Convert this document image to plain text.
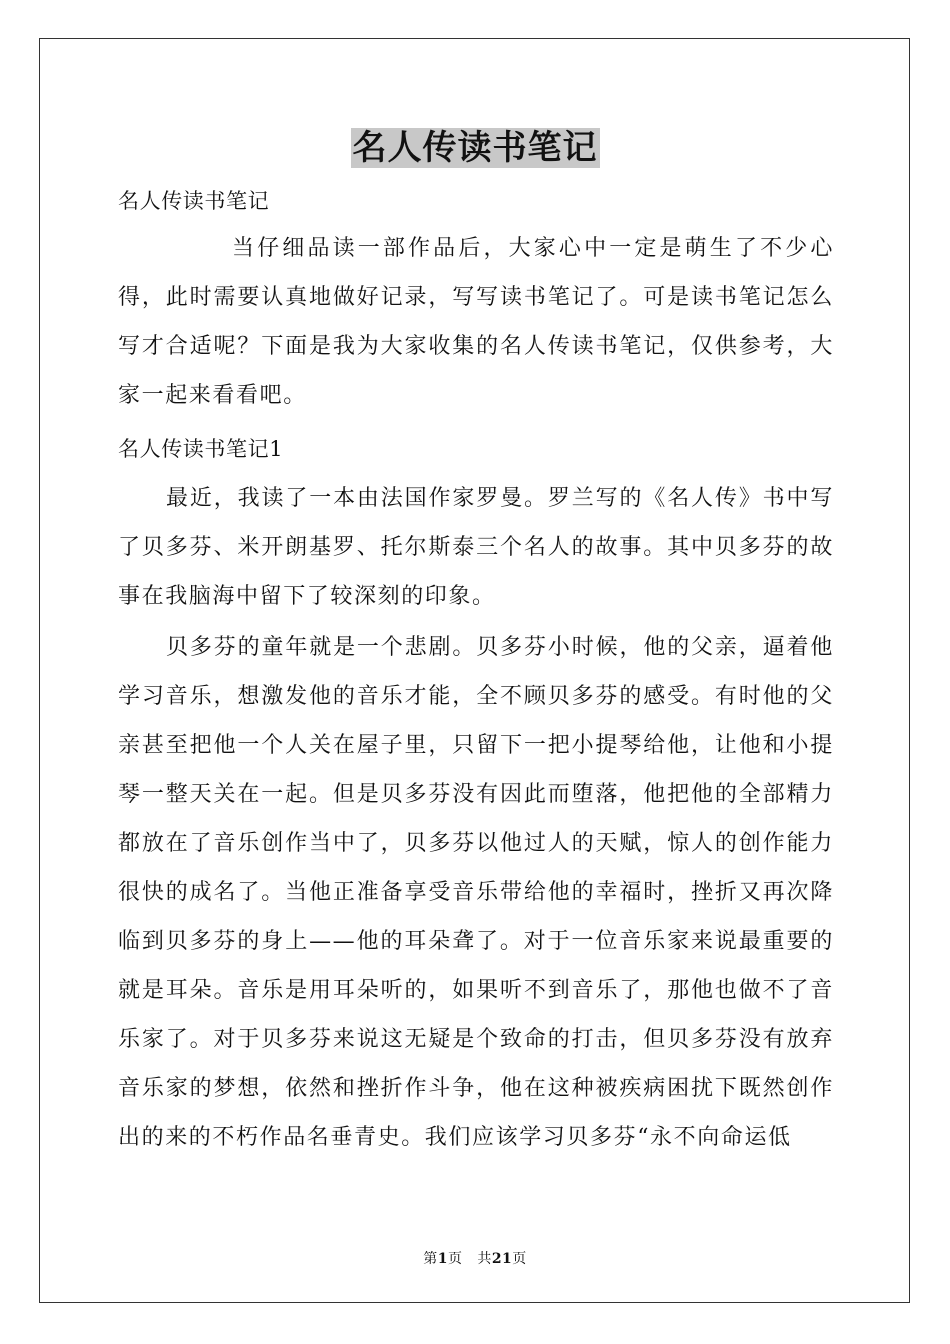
名人传读书笔记

名人传读书笔记

当仔细品读一部作品后，大家心中一定是萌生了不少心得，此时需要认真地做好记录，写写读书笔记了。可是读书笔记怎么写才合适呢？下面是我为大家收集的名人传读书笔记，仅供参考，大家一起来看看吧。

名人传读书笔记1

最近，我读了一本由法国作家罗曼。罗兰写的《名人传》书中写了贝多芬、米开朗基罗、托尔斯泰三个名人的故事。其中贝多芬的故事在我脑海中留下了较深刻的印象。

贝多芬的童年就是一个悲剧。贝多芬小时候，他的父亲，逼着他学习音乐，想激发他的音乐才能，全不顾贝多芬的感受。有时他的父亲甚至把他一个人关在屋子里，只留下一把小提琴给他，让他和小提琴一整天关在一起。但是贝多芬没有因此而堕落，他把他的全部精力都放在了音乐创作当中了，贝多芬以他过人的天赋，惊人的创作能力很快的成名了。当他正准备享受音乐带给他的幸福时，挫折又再次降临到贝多芬的身上——他的耳朵聋了。对于一位音乐家来说最重要的就是耳朵。音乐是用耳朵听的，如果听不到音乐了，那他也做不了音乐家了。对于贝多芬来说这无疑是个致命的打击，但贝多芬没有放弃音乐家的梦想，依然和挫折作斗争，他在这种被疾病困扰下既然创作出的来的不朽作品名垂青史。我们应该学习贝多芬“永不向命运低

第1页 共21页
